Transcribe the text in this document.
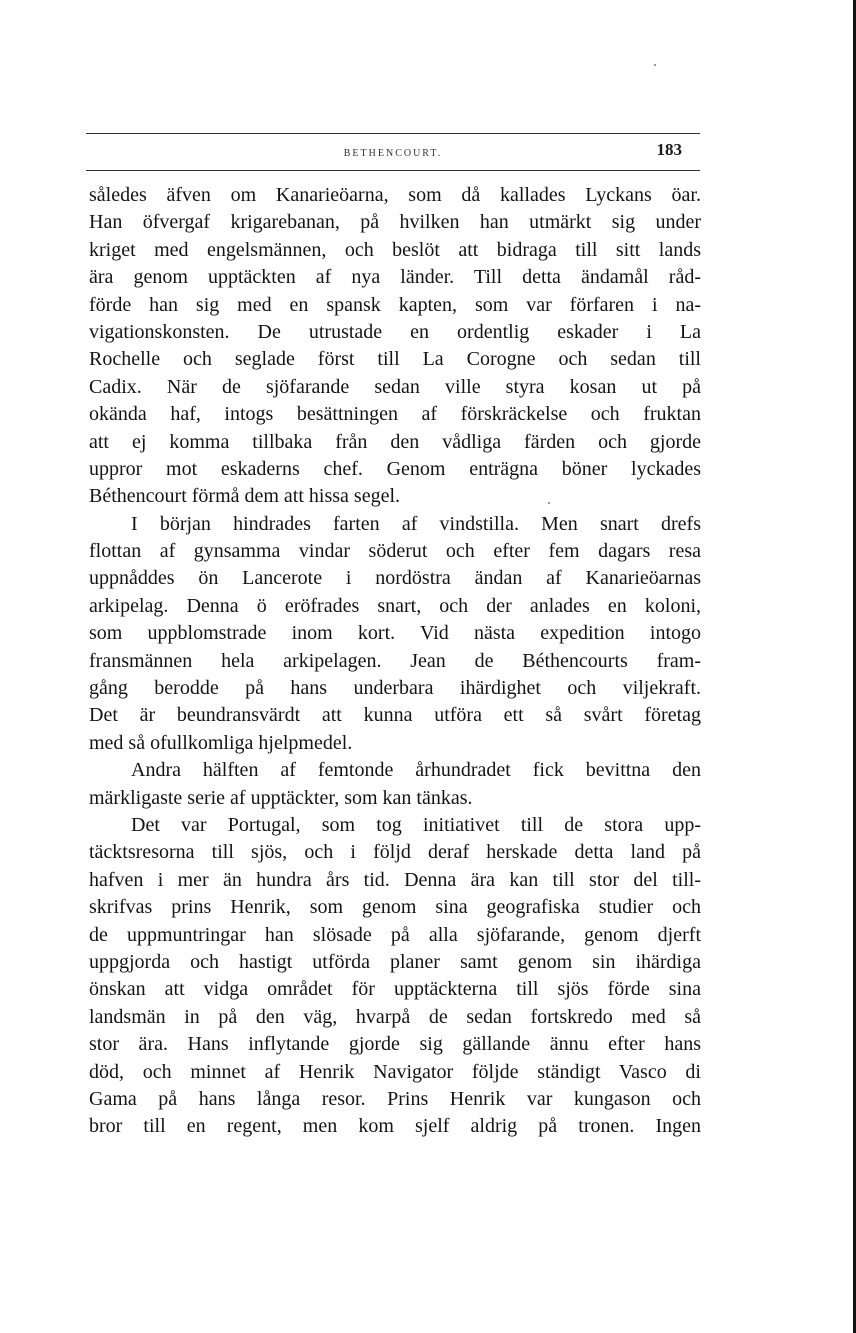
BETHENCOURT.	183
således äfven om Kanarieöarna, som då kallades Lyckans öar.
Han öfvergaf krigarebanan, på hvilken han utmärkt sig under
kriget med engelsmännen, och beslöt att bidraga till sitt lands
ära genom upptäckten af nya länder. Till detta ändamål råd-
förde han sig med en spansk kapten, som var förfaren i na-
vigationskonsten. De utrustade en ordentlig eskader i La
Rochelle och seglade först till La Corogne och sedan till
Cadix. När de sjöfarande sedan ville styra kosan ut på
okända haf, intogs besättningen af förskräckelse och fruktan
att ej komma tillbaka från den vådliga färden och gjorde
uppror mot eskaderns chef. Genom enträgna böner lyckades
Béthencourt förmå dem att hissa segel.
I början hindrades farten af vindstilla. Men snart drefs
flottan af gynsamma vindar söderut och efter fem dagars resa
uppnåddes ön Lancerote i nordöstra ändan af Kanarieöarnas
arkipelag. Denna ö eröfrades snart, och der anlades en koloni,
som uppblomstrade inom kort. Vid nästa expedition intogo
fransmännen hela arkipelagen. Jean de Béthencourts fram-
gång berodde på hans underbara ihärdighet och viljekraft.
Det är beundransvärdt att kunna utföra ett så svårt företag
med så ofullkomliga hjelpmedel.
Andra hälften af femtonde århundradet fick bevittna den
märkligaste serie af upptäckter, som kan tänkas.
Det var Portugal, som tog initiativet till de stora upp-
täcktsresorna till sjös, och i följd deraf herskade detta land på
hafven i mer än hundra års tid. Denna ära kan till stor del till-
skrifvas prins Henrik, som genom sina geografiska studier och
de uppmuntringar han slösade på alla sjöfarande, genom djerft
uppgjorda och hastigt utförda planer samt genom sin ihärdiga
önskan att vidga området för upptäckterna till sjös förde sina
landsmän in på den väg, hvarpå de sedan fortskredo med så
stor ära. Hans inflytande gjorde sig gällande ännu efter hans
död, och minnet af Henrik Navigator följde ständigt Vasco di
Gama på hans långa resor. Prins Henrik var kungason och
bror till en regent, men kom sjelf aldrig på tronen. Ingen
